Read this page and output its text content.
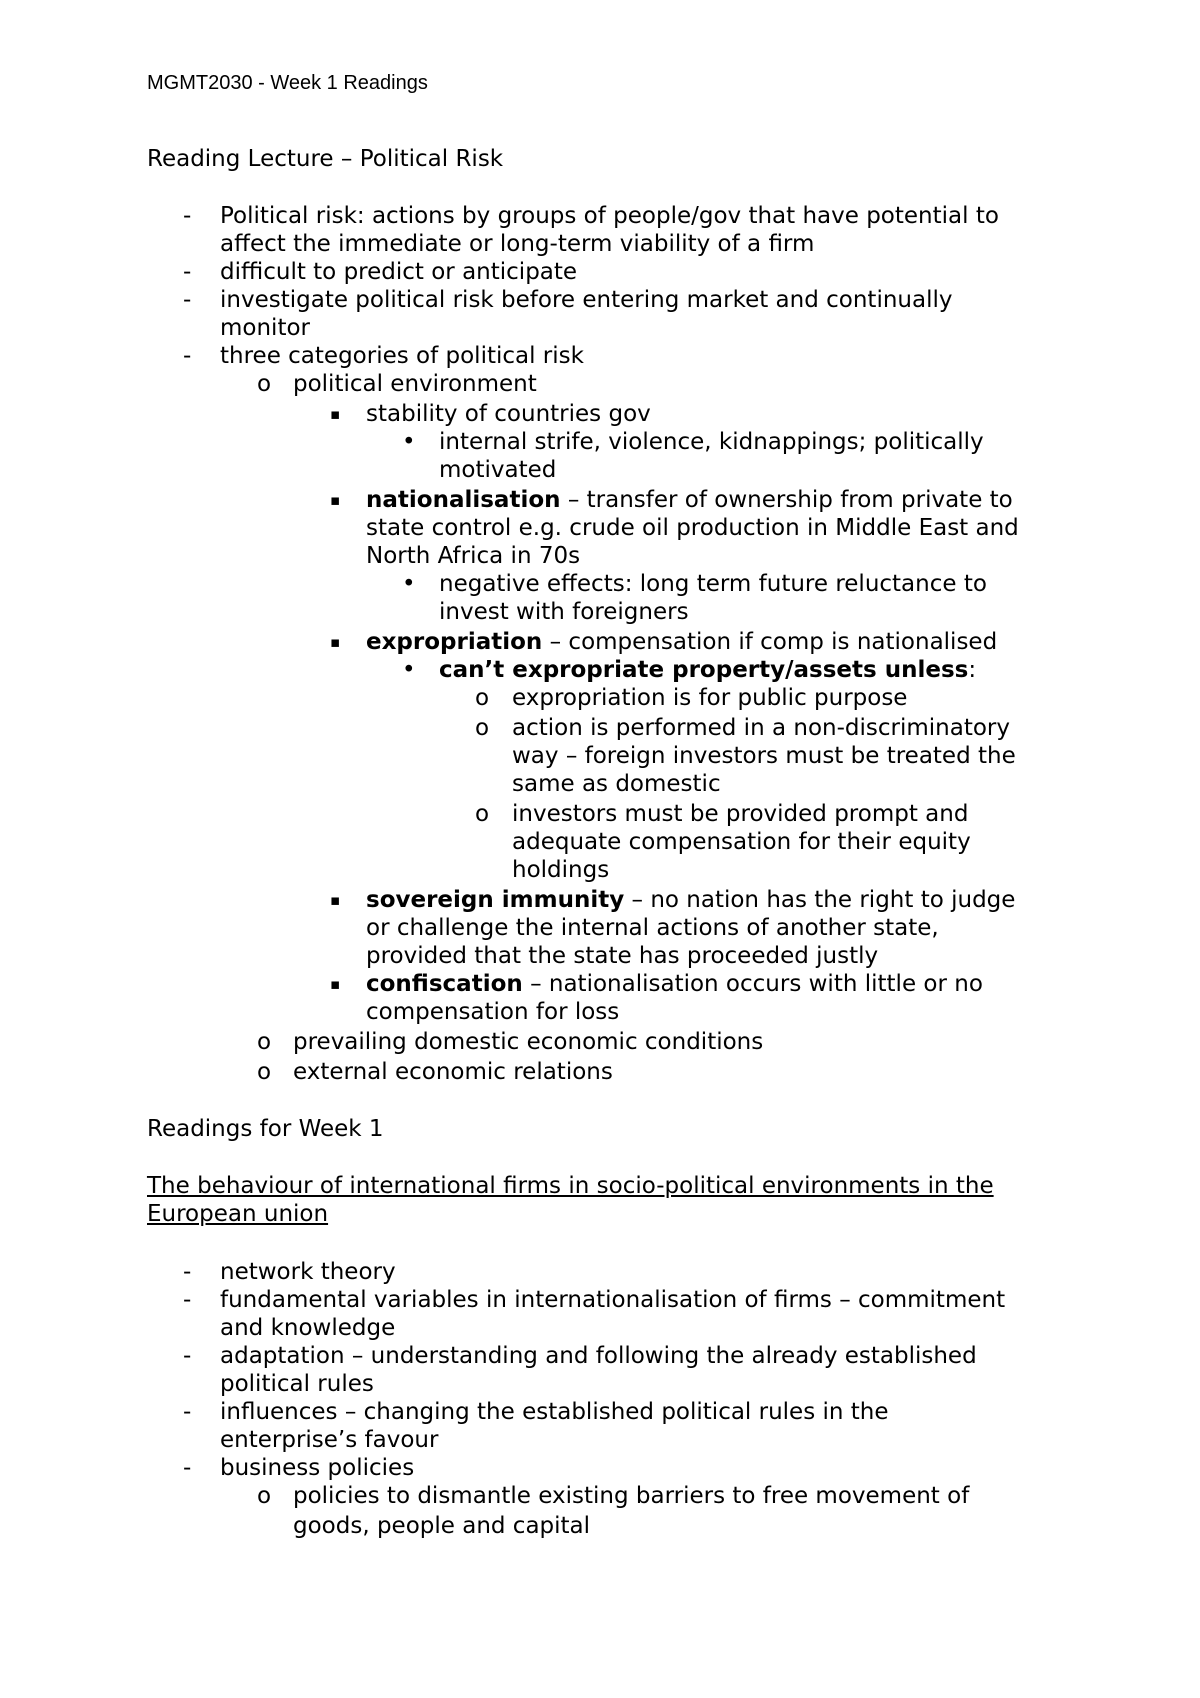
MGMT2030 - Week 1 Readings
Reading Lecture – Political Risk
- Political risk: actions by groups of people/gov that have potential to
affect the immediate or long-term viability of a firm
- difficult to predict or anticipate
- investigate political risk before entering market and continually
monitor
- three categories of political risk
o political environment
▪ stability of countries gov
• internal strife, violence, kidnappings; politically
motivated
▪ nationalisation – transfer of ownership from private to
state control e.g. crude oil production in Middle East and
North Africa in 70s
• negative effects: long term future reluctance to
invest with foreigners
▪ expropriation – compensation if comp is nationalised
• can’t expropriate property/assets unless:
o expropriation is for public purpose
o action is performed in a non-discriminatory
way – foreign investors must be treated the
same as domestic
o investors must be provided prompt and
adequate compensation for their equity
holdings
▪ sovereign immunity – no nation has the right to judge
or challenge the internal actions of another state,
provided that the state has proceeded justly
▪ confiscation – nationalisation occurs with little or no
compensation for loss
o prevailing domestic economic conditions
o external economic relations
Readings for Week 1
The behaviour of international firms in socio-political environments in the
European union
- network theory
- fundamental variables in internationalisation of firms – commitment
and knowledge
- adaptation – understanding and following the already established
political rules
- influences – changing the established political rules in the
enterprise’s favour
- business policies
o policies to dismantle existing barriers to free movement of
goods, people and capital
